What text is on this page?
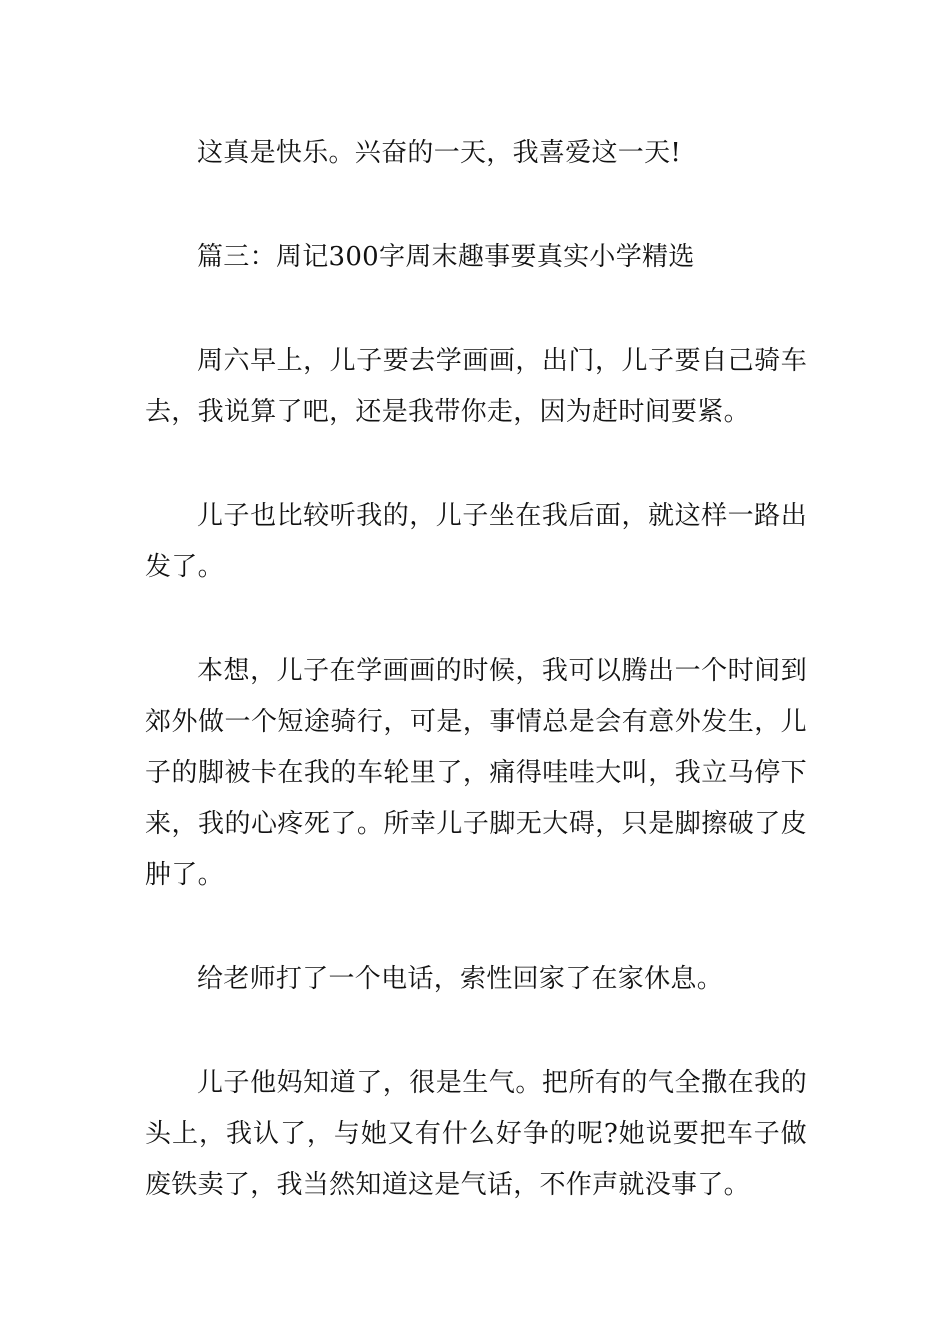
这真是快乐。兴奋的一天，我喜爱这一天!

篇三：周记300字周末趣事要真实小学精选

周六早上，儿子要去学画画，出门，儿子要自己骑车去，我说算了吧，还是我带你走，因为赶时间要紧。

儿子也比较听我的，儿子坐在我后面，就这样一路出发了。

本想，儿子在学画画的时候，我可以腾出一个时间到郊外做一个短途骑行，可是，事情总是会有意外发生，儿子的脚被卡在我的车轮里了，痛得哇哇大叫，我立马停下来，我的心疼死了。所幸儿子脚无大碍，只是脚擦破了皮肿了。

给老师打了一个电话，索性回家了在家休息。

儿子他妈知道了，很是生气。把所有的气全撒在我的头上，我认了，与她又有什么好争的呢?她说要把车子做废铁卖了，我当然知道这是气话，不作声就没事了。
